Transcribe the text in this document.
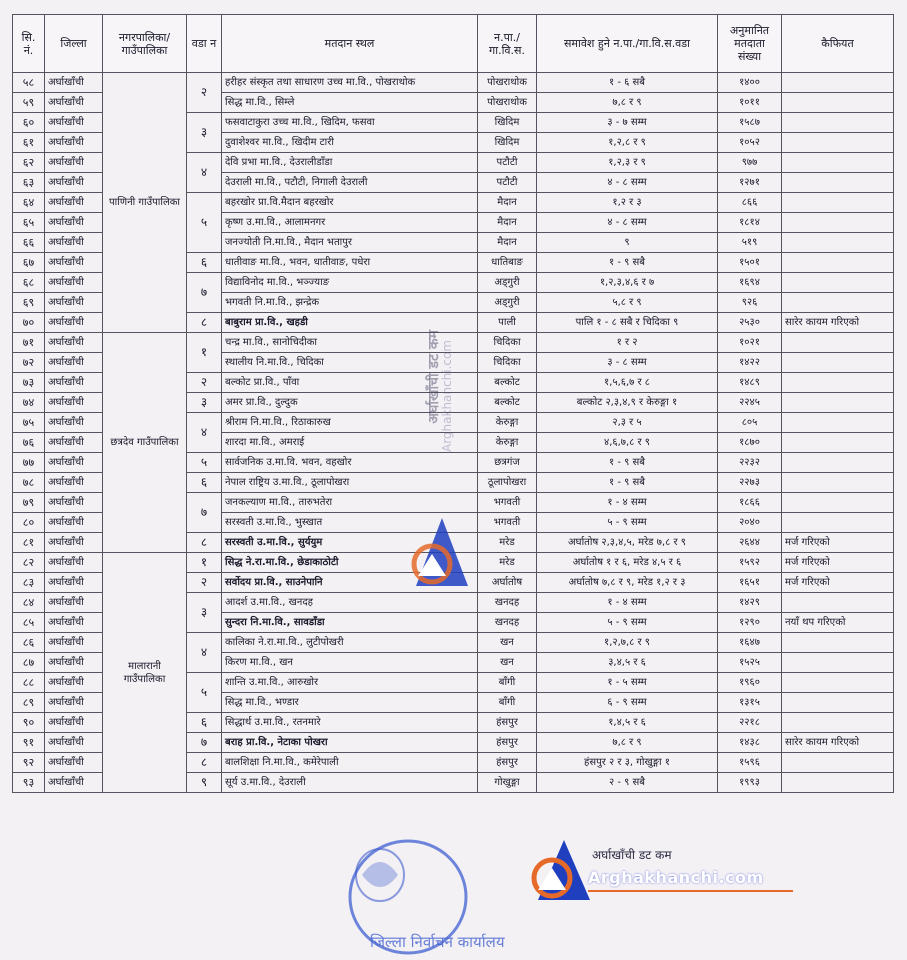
सि. नं.	जिल्ला	नगरपालिका/ गाउँपालिका	वडा न	मतदान स्थल	न.पा./ गा.वि.स.	समावेश हुने न.पा./गा.वि.स.वडा	अनुमानित मतदाता संख्या	कैफियत
५८	अर्घाखाँची	पाणिनी गाउँपालिका	२	हरीहर संस्कृत तथा साधारण उच्च मा.वि., पोखराथोक	पोखराथोक	१ - ६ सबै	१४००	
५९	अर्घाखाँची			सिद्ध मा.वि., सिम्ले	पोखराथोक	७,८ र ९	१०११	
६०	अर्घाखाँची		३	फसवाटाकुरा उच्च मा.वि., खिदिम, फसवा	खिदिम	३ - ७ सम्म	१५८७	
६१	अर्घाखाँची			दुवाशेश्वर मा.वि., खिदीम टारी	खिदिम	१,२,८ र ९	१०५२	
६२	अर्घाखाँची		४	देवि प्रभा मा.वि., देउरालीडाँडा	पटौटी	१,२,३ र ९	९७७	
६३	अर्घाखाँची			देउराली मा.वि., पटौटी, निगाली देउराली	पटौटी	४ - ८ सम्म	१२७१	
६४	अर्घाखाँची		५	बहरखोर प्रा.वि.मैदान बहरखोर	मैदान	१,२ र ३	८६६	
६५	अर्घाखाँची			कृष्ण उ.मा.वि., आलामनगर	मैदान	४ - ८ सम्म	१८१४	
६६	अर्घाखाँची			जनज्योती नि.मा.वि., मैदान भतापुर	मैदान	९	५१९	
६७	अर्घाखाँची		६	धातीवाङ मा.वि., भवन, धातीवाङ, पधेरा	धातिबाङ	१ - ९ सबै	१५०१	
६८	अर्घाखाँची		७	विद्याविनोद मा.वि., भञ्ज्याङ	अड्गुरी	१,२,३,४,६ र ७	१६९४	
६९	अर्घाखाँची			भगवती नि.मा.वि., झन्द्रेक	अड्गुरी	५,८ र ९	९२६	
७०	अर्घाखाँची		८	बाबुराम प्रा.वि., खहडी	पाली	पालि १ - ८ सबै र चिदिका ९	२५३०	सारेर कायम गरिएको
७१	अर्घाखाँची	छत्रदेव गाउँपालिका	१	चन्द्र मा.वि., सानोचिदीका	चिदिका	१ र २	१०२१	
७२	अर्घाखाँची			स्थालीय नि.मा.वि., चिदिका	चिदिका	३ - ८ सम्म	१४२२	
७३	अर्घाखाँची		२	बल्कोट प्रा.वि., पाँवा	बल्कोट	१,५,६,७ र ८	१४८९	
७४	अर्घाखाँची		३	अमर प्रा.वि., दुल्दुक	बल्कोट	बल्कोट २,३,४,९ र केरुङ्गा १	२२४५	
७५	अर्घाखाँची		४	श्रीराम नि.मा.वि., रिठाकारुख	केरुङ्गा	२,३ र ५	८०५	
७६	अर्घाखाँची			शारदा मा.वि., अमराई	केरुङ्गा	४,६,७,८ र ९	१८७०	
७७	अर्घाखाँची		५	सार्वजनिक उ.मा.वि. भवन, वहखोर	छत्रगंज	१ - ९ सबै	२२३२	
७८	अर्घाखाँची		६	नेपाल राष्ट्रिय उ.मा.वि., ठूलापोखरा	ठूलापोखरा	१ - ९ सबै	२२७३	
७९	अर्घाखाँची		७	जनकल्याण मा.वि., तारुभतेरा	भगवती	१ - ४ सम्म	१८६६	
८०	अर्घाखाँची			सरस्वती उ.मा.वि., भुस्खात	भगवती	५ - ९ सम्म	२०४०	
८१	अर्घाखाँची		८	सरस्वती उ.मा.वि., सुर्ययुम	मरेड	अर्घातोष २,३,४,५, मरेड ७,८ र ९	२६४४	मर्ज गरिएको
८२	अर्घाखाँची	मालारानी गाउँपालिका	१	सिद्ध ने.रा.मा.वि., छेडाकाठोटी	मरेड	अर्घातोष १ र ६, मरेड ४,५ र ६	१५९२	मर्ज गरिएको
८३	अर्घाखाँची		२	सर्वोदय प्रा.वि., साउनेपानि	अर्घातोष	अर्घातोष ७,८ र ९, मरेड १,२ र ३	१६५१	मर्ज गरिएको
८४	अर्घाखाँची		३	आदर्श उ.मा.वि., खनदह	खनदह	१ - ४ सम्म	१४२९	
८५	अर्घाखाँची			सुन्दरा नि.मा.वि., सावडाँडा	खनदह	५ - ९ सम्म	१२९०	नयाँ थप गरिएको
८६	अर्घाखाँची		४	कालिका ने.रा.मा.वि., लुटीपोखरी	खन	१,२,७,८ र ९	१६४७	
८७	अर्घाखाँची			किरण मा.वि., खन	खन	३,४,५ र ६	१५२५	
८८	अर्घाखाँची		५	शान्ति उ.मा.वि., आरुखोर	बाँगी	१ - ५ सम्म	१९६०	
८९	अर्घाखाँची			सिद्ध मा.वि., भण्डार	बाँगी	६ - ९ सम्म	१३१५	
९०	अर्घाखाँची		६	सिद्धार्थ उ.मा.वि., रतनमारे	हंसपुर	१,४,५ र ६	२२१८	
९१	अर्घाखाँची		७	बराह प्रा.वि., नेटाका पोखरा	हंसपुर	७,८ र ९	१४३८	सारेर कायम गरिएको
९२	अर्घाखाँची		८	बालशिक्षा नि.मा.वि., कमेरेपाली	हंसपुर	हंसपुर २ र ३, गोखुङ्गा १	१५९६	
९३	अर्घाखाँची		९	सूर्य उ.मा.वि., देउराली	गोखुङ्गा	२ - ९ सबै	१९९३	
अर्घाखाँची डट कम
Arghakhanchi.com
जिल्ला निर्वाचन कार्यालय
अर्घाखाँची डट कम
Arghakhanchi.com
